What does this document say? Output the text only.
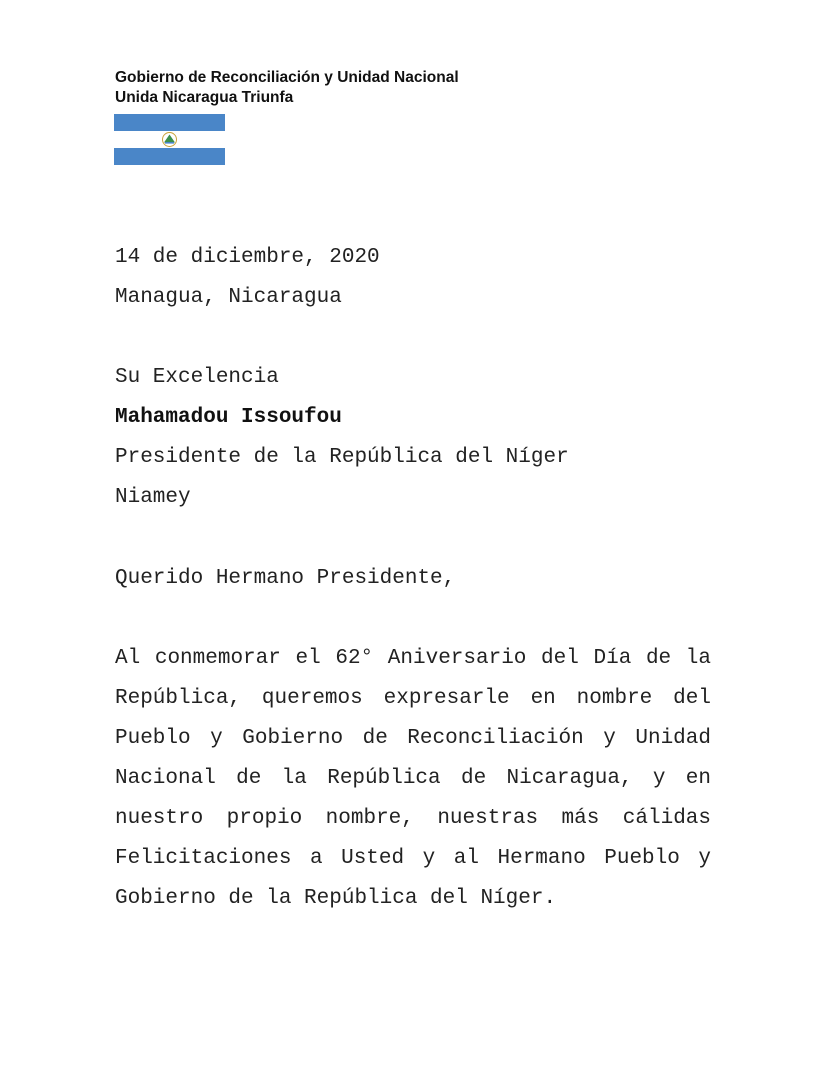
Gobierno de Reconciliación y Unidad Nacional
Unida Nicaragua Triunfa
14 de diciembre, 2020
Managua, Nicaragua
Su Excelencia
Mahamadou Issoufou
Presidente de la República del Níger
Niamey
Querido Hermano Presidente,

Al conmemorar el 62° Aniversario del Día de la República, queremos expresarle en nombre del Pueblo y Gobierno de Reconciliación y Unidad Nacional de la República de Nicaragua, y en nuestro propio nombre, nuestras más cálidas Felicitaciones a Usted y al Hermano Pueblo y Gobierno de la República del Níger.
